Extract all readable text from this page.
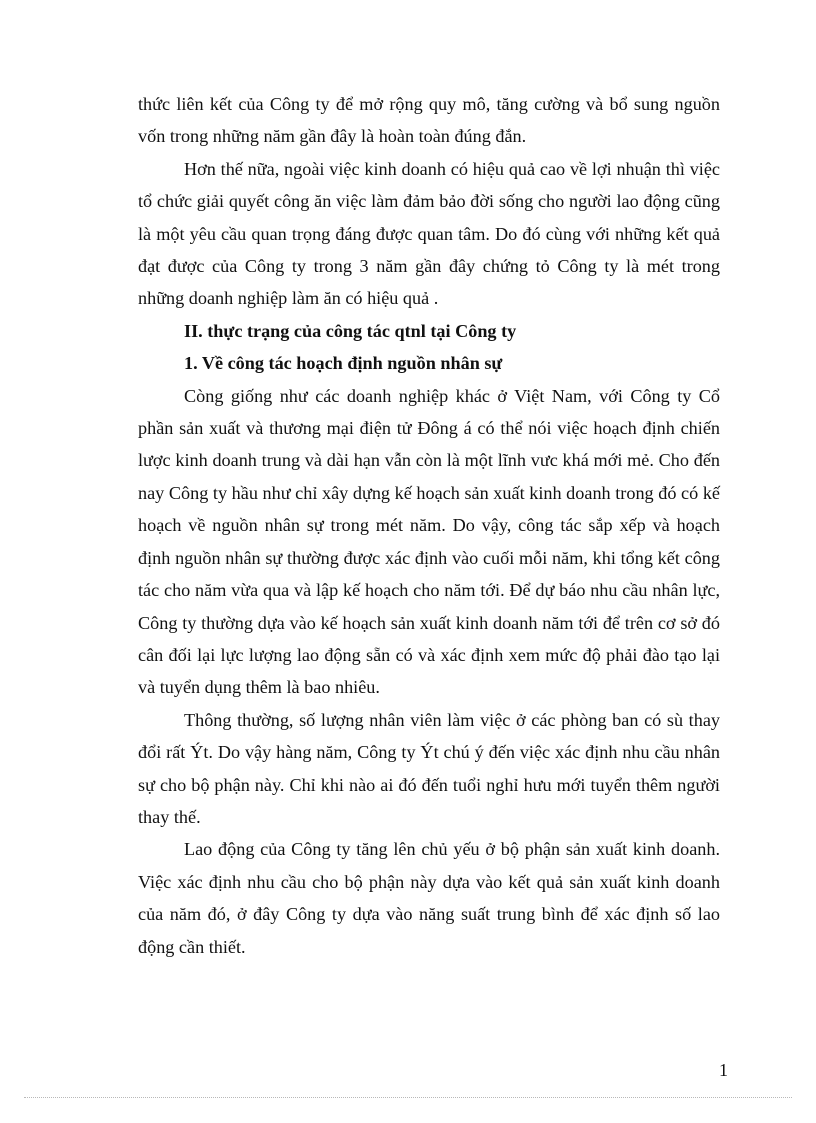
thức liên kết của Công ty để mở rộng quy mô, tăng cường và bổ sung nguồn vốn trong những năm gần đây là hoàn toàn đúng đắn.

Hơn thế nữa, ngoài việc kinh doanh có hiệu quả cao về lợi nhuận thì việc tổ chức giải quyết công ăn việc làm đảm bảo đời sống cho người lao động cũng là một yêu cầu quan trọng đáng được quan tâm. Do đó cùng với những kết quả đạt được của Công ty trong 3 năm gần đây chứng tỏ Công ty là mét trong những doanh nghiệp làm ăn có hiệu quả .

II. thực trạng của công tác qtnl tại Công ty

1. Về công tác hoạch định nguồn nhân sự

Còng giống như các doanh nghiệp khác ở Việt Nam, với Công ty Cổ phần sản xuất và thương mại điện tử Đông á có thể nói việc hoạch định chiến lược kinh doanh trung và dài hạn vẫn còn là một lĩnh vưc khá mới mẻ. Cho đến nay Công ty hầu như chỉ xây dựng kế hoạch sản xuất kinh doanh trong đó có kế hoạch về nguồn nhân sự trong mét năm. Do vậy, công tác sắp xếp và hoạch định nguồn nhân sự thường được xác định vào cuối mỗi năm, khi tổng kết công tác cho năm vừa qua và lập kế hoạch cho năm tới. Để dự báo nhu cầu nhân lực, Công ty thường dựa vào kế hoạch sản xuất kinh doanh năm tới để trên cơ sở đó cân đối lại lực lượng lao động sẵn có và xác định xem mức độ phải đào tạo lại và tuyển dụng thêm là bao nhiêu.

Thông thường, số lượng nhân viên làm việc ở các phòng ban có sù thay đổi rất Ýt. Do vậy hàng năm, Công ty Ýt chú ý đến việc xác định nhu cầu nhân sự cho bộ phận này. Chỉ khi nào ai đó đến tuổi nghỉ hưu mới tuyển thêm người thay thế.

Lao động của Công ty tăng lên chủ yếu ở bộ phận sản xuất kinh doanh. Việc xác định nhu cầu cho bộ phận này dựa vào kết quả sản xuất kinh doanh của năm đó, ở đây Công ty dựa vào năng suất trung bình để xác định số lao động cần thiết.

1
